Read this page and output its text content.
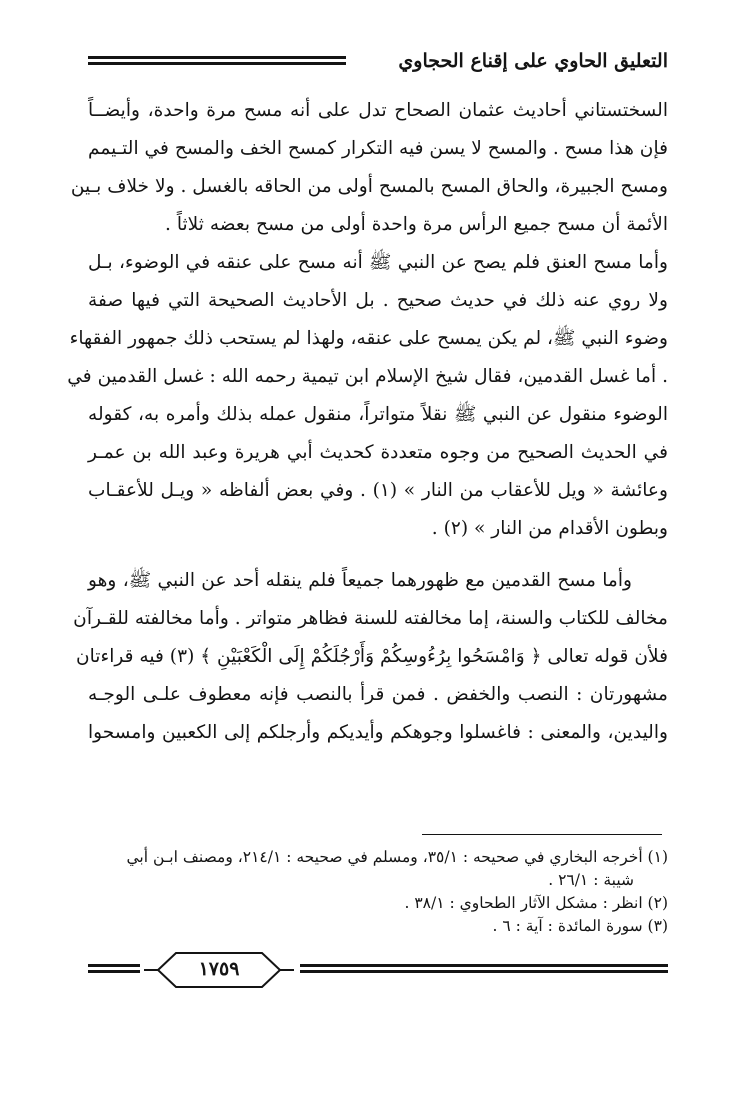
التعليق الحاوي على إقناع الحجاوي
السختستاني أحاديث عثمان الصحاح تدل على أنه مسح مرة واحدة، وأيضــاً
فإن هذا مسح . والمسح لا يسن فيه التكرار كمسح الخف والمسح في التـيمم
ومسح الجبيرة، والحاق المسح بالمسح أولى من الحاقه بالغسل . ولا خلاف بـين
الأئمة أن مسح جميع الرأس مرة واحدة أولى من مسح بعضه ثلاثاً .
وأما مسح العنق فلم يصح عن النبي ﷺ أنه مسح على عنقه في الوضوء، بـل
ولا روي عنه ذلك في حديث صحيح . بل الأحاديث الصحيحة التي فيها صفة
وضوء النبي ﷺ، لم يكن يمسح على عنقه، ولهذا لم يستحب ذلك جمهور الفقهاء
. أما غسل القدمين، فقال شيخ الإسلام ابن تيمية رحمه الله : غسل القدمين في
الوضوء منقول عن النبي ﷺ نقلاً متواتراً، منقول عمله بذلك وأمره به، كقوله
في الحديث الصحيح من وجوه متعددة كحديث أبي هريرة وعبد الله بن عمـر
وعائشة « ويل للأعقاب من النار » (١) . وفي بعض ألفاظه « ويـل للأعقـاب
وبطون الأقدام من النار » (٢) .
وأما مسح القدمين مع ظهورهما جميعاً فلم ينقله أحد عن النبي ﷺ، وهو
مخالف للكتاب والسنة، إما مخالفته للسنة فظاهر متواتر . وأما مخالفته للقـرآن
فلأن قوله تعالى ﴿ وَامْسَحُوا بِرُءُوسِكُمْ وَأَرْجُلَكُمْ إِلَى الْكَعْبَيْنِ ﴾ (٣) فيه قراءتان
مشهورتان : النصب والخفض . فمن قرأ بالنصب فإنه معطوف علـى الوجـه
واليدين، والمعنى : فاغسلوا وجوهكم وأيديكم وأرجلكم إلى الكعبين وامسحوا
(١) أخرجه البخاري في صحيحه : ٣٥/١، ومسلم في صحيحه : ٢١٤/١، ومصنف ابـن أبي
شيبة : ٢٦/١ .
(٢) انظر : مشكل الآثار الطحاوي : ٣٨/١ .
(٣) سورة المائدة : آية : ٦ .
١٧٥٩
